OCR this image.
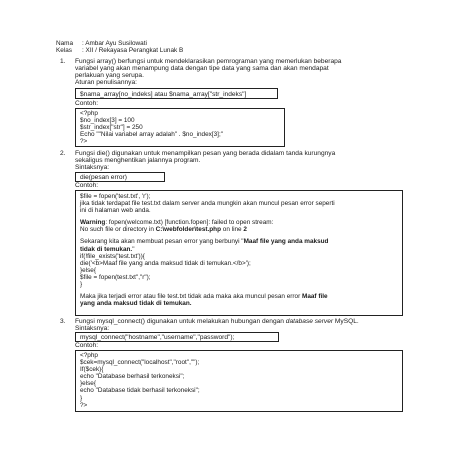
Nama : Ambar Ayu Susilowati
Kelas : XII / Rekayasa Perangkat Lunak B
1. Fungsi array() berfungsi untuk mendeklarasikan pemrograman yang memerlukan beberapa
variabel yang akan menampung data dengan tipe data yang sama dan akan mendapat
perlakuan yang serupa.
Aturan penulisannya:
$nama_array[no_indeks] atau $nama_array["str_indeks"]
Contoh:
<?php
$no_index[3] = 100
$str_index["str"] = 250
Echo ""Nilai variabel array adalah" . $no_index[3];"
?>
2. Fungsi die() digunakan untuk menampilkan pesan yang berada didalam tanda kurungnya
sekaligus menghentikan jalannya program.
Sintaksnya:
die(pesan error)
Contoh:
$file = fopen('test.txt', 'r');
jika tidak terdapat file test.txt dalam server anda mungkin akan muncul pesan error seperti
ini di halaman web anda.
Warning: fopen(welcome.txt) [function.fopen]: failed to open stream:
No such file or directory in C:\webfolder\test.php on line 2
Sekarang kita akan membuat pesan error yang berbunyi "Maaf file yang anda maksud
tidak di temukan."
if(!file_exists('test.txt')){
die('<b>Maaf file yang anda maksud tidak di temukan.</b>');
}else{
$file = fopen(test.txt","r");
}
Maka jika terjadi error atau file test.txt tidak ada maka aka muncul pesan error Maaf file
yang anda maksud tidak di temukan.
3. Fungsi mysql_connect() digunakan untuk melakukan hubungan dengan database server MySQL.
Sintaksnya:
mysql_connect("hostname","username","password");
Contoh:
<?php
$cek=mysql_connect("localhost","root","");
If($cek){
echo "Database berhasil terkoneksi";
}else{
echo "Database tidak berhasil terkoneksi";
}
?>
